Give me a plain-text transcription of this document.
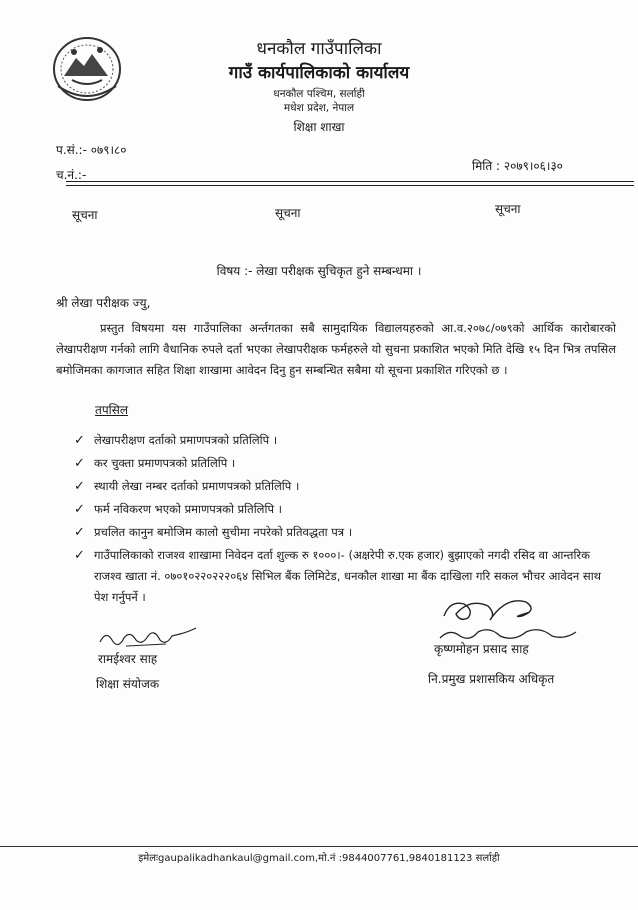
धनकौल गाउँपालिका
गाउँ कार्यपालिकाको कार्यालय
धनकौल पश्चिम, सर्लाही
मधेश प्रदेश, नेपाल
शिक्षा शाखा
प.सं.:- ०७९।८०
च.नं.:-
मिति : २०७९।०६।३०
सूचना	सूचना	सूचना
विषय :- लेखा परीक्षक सुचिकृत हुने सम्बन्धमा ।
श्री लेखा परीक्षक ज्यु,
प्रस्तुत विषयमा यस गाउँपालिका अर्न्तगतका सबै सामुदायिक विद्यालयहरुको आ.व.२०७८/०७९को आर्थिक कारोबारको लेखापरीक्षण गर्नको लागि वैधानिक रुपले दर्ता भएका लेखापरीक्षक फर्महरुले यो सुचना प्रकाशित भएको मिति देखि १५ दिन भित्र तपसिल बमोजिमका कागजात सहित शिक्षा शाखामा आवेदन दिनु हुन सम्बन्धित सबैमा यो सूचना प्रकाशित गरिएको छ ।
तपसिल
✓ लेखापरीक्षण दर्ताको प्रमाणपत्रको प्रतिलिपि ।
✓ कर चुक्ता प्रमाणपत्रको प्रतिलिपि ।
✓ स्थायी लेखा नम्बर दर्ताको प्रमाणपत्रको प्रतिलिपि ।
✓ फर्म नविकरण भएको प्रमाणपत्रको प्रतिलिपि ।
✓ प्रचलित कानुन बमोजिम कालो सुचीमा नपरेको प्रतिवद्धता पत्र ।
✓ गाउँपालिकाको राजश्व शाखामा निवेदन दर्ता शुल्क रु १०००।- (अक्षरेपी रु.एक हजार) बुझाएको नगदी रसिद वा आन्तरिक राजश्व खाता नं. ०७०१०२२०२२२०६४ सिभिल बैंक लिमिटेड, धनकौल शाखा मा बैंक दाखिला गरि सकल भौचर आवेदन साथ पेश गर्नुपर्ने ।
रामईश्वर साह
शिक्षा संयोजक
कृष्णमोहन प्रसाद साह
नि.प्रमुख प्रशासकिय अधिकृत
इमेलःgaupalikadhankaul@gmail.com,मो.नं :9844007761,9840181123 सर्लाही
